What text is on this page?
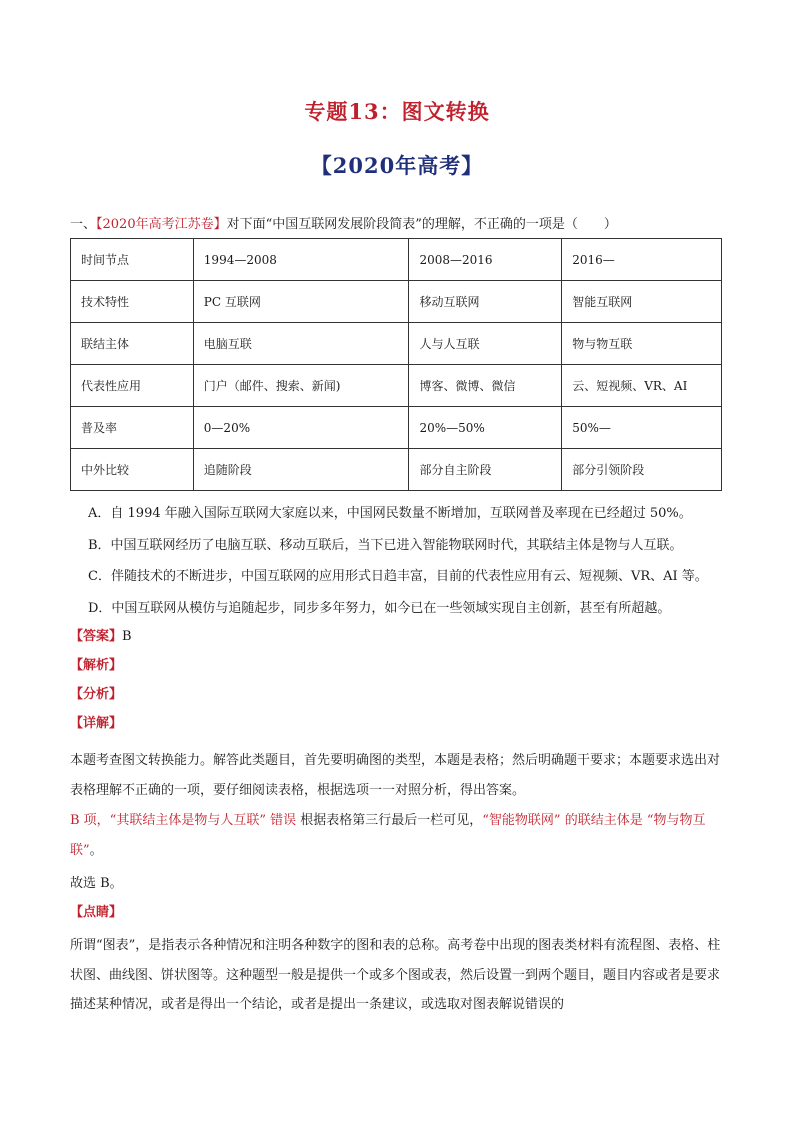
专题13：图文转换
【2020年高考】
一、【2020年高考江苏卷】对下面“中国互联网发展阶段简表”的理解，不正确的一项是（　　）
时间节点	1994—2008	2008—2016	2016—
技术特性	PC 互联网	移动互联网	智能互联网
联结主体	电脑互联	人与人互联	物与物互联
代表性应用	门户（邮件、搜索、新闻)	博客、微博、微信	云、短视频、VR、AI
普及率	0—20%	20%—50%	50%—
中外比较	追随阶段	部分自主阶段	部分引领阶段
A．自 1994 年融入国际互联网大家庭以来，中国网民数量不断增加，互联网普及率现在已经超过 50%。
B．中国互联网经历了电脑互联、移动互联后，当下已进入智能物联网时代，其联结主体是物与人互联。
C．伴随技术的不断进步，中国互联网的应用形式日趋丰富，目前的代表性应用有云、短视频、VR、AI 等。
D．中国互联网从模仿与追随起步，同步多年努力，如今已在一些领域实现自主创新，甚至有所超越。
【答案】B
【解析】
【分析】
【详解】
本题考查图文转换能力。解答此类题目，首先要明确图的类型，本题是表格；然后明确题干要求；本题要求选出对表格理解不正确的一项，要仔细阅读表格，根据选项一一对照分析，得出答案。
B 项，“其联结主体是物与人互联” 错误 根据表格第三行最后一栏可见，“智能物联网” 的联结主体是 “物与物互联”。
故选 B。
【点睛】
所谓“图表”，是指表示各种情况和注明各种数字的图和表的总称。高考卷中出现的图表类材料有流程图、表格、柱状图、曲线图、饼状图等。这种题型一般是提供一个或多个图或表，然后设置一到两个题目，题目内容或者是要求描述某种情况，或者是得出一个结论，或者是提出一条建议，或选取对图表解说错误的
